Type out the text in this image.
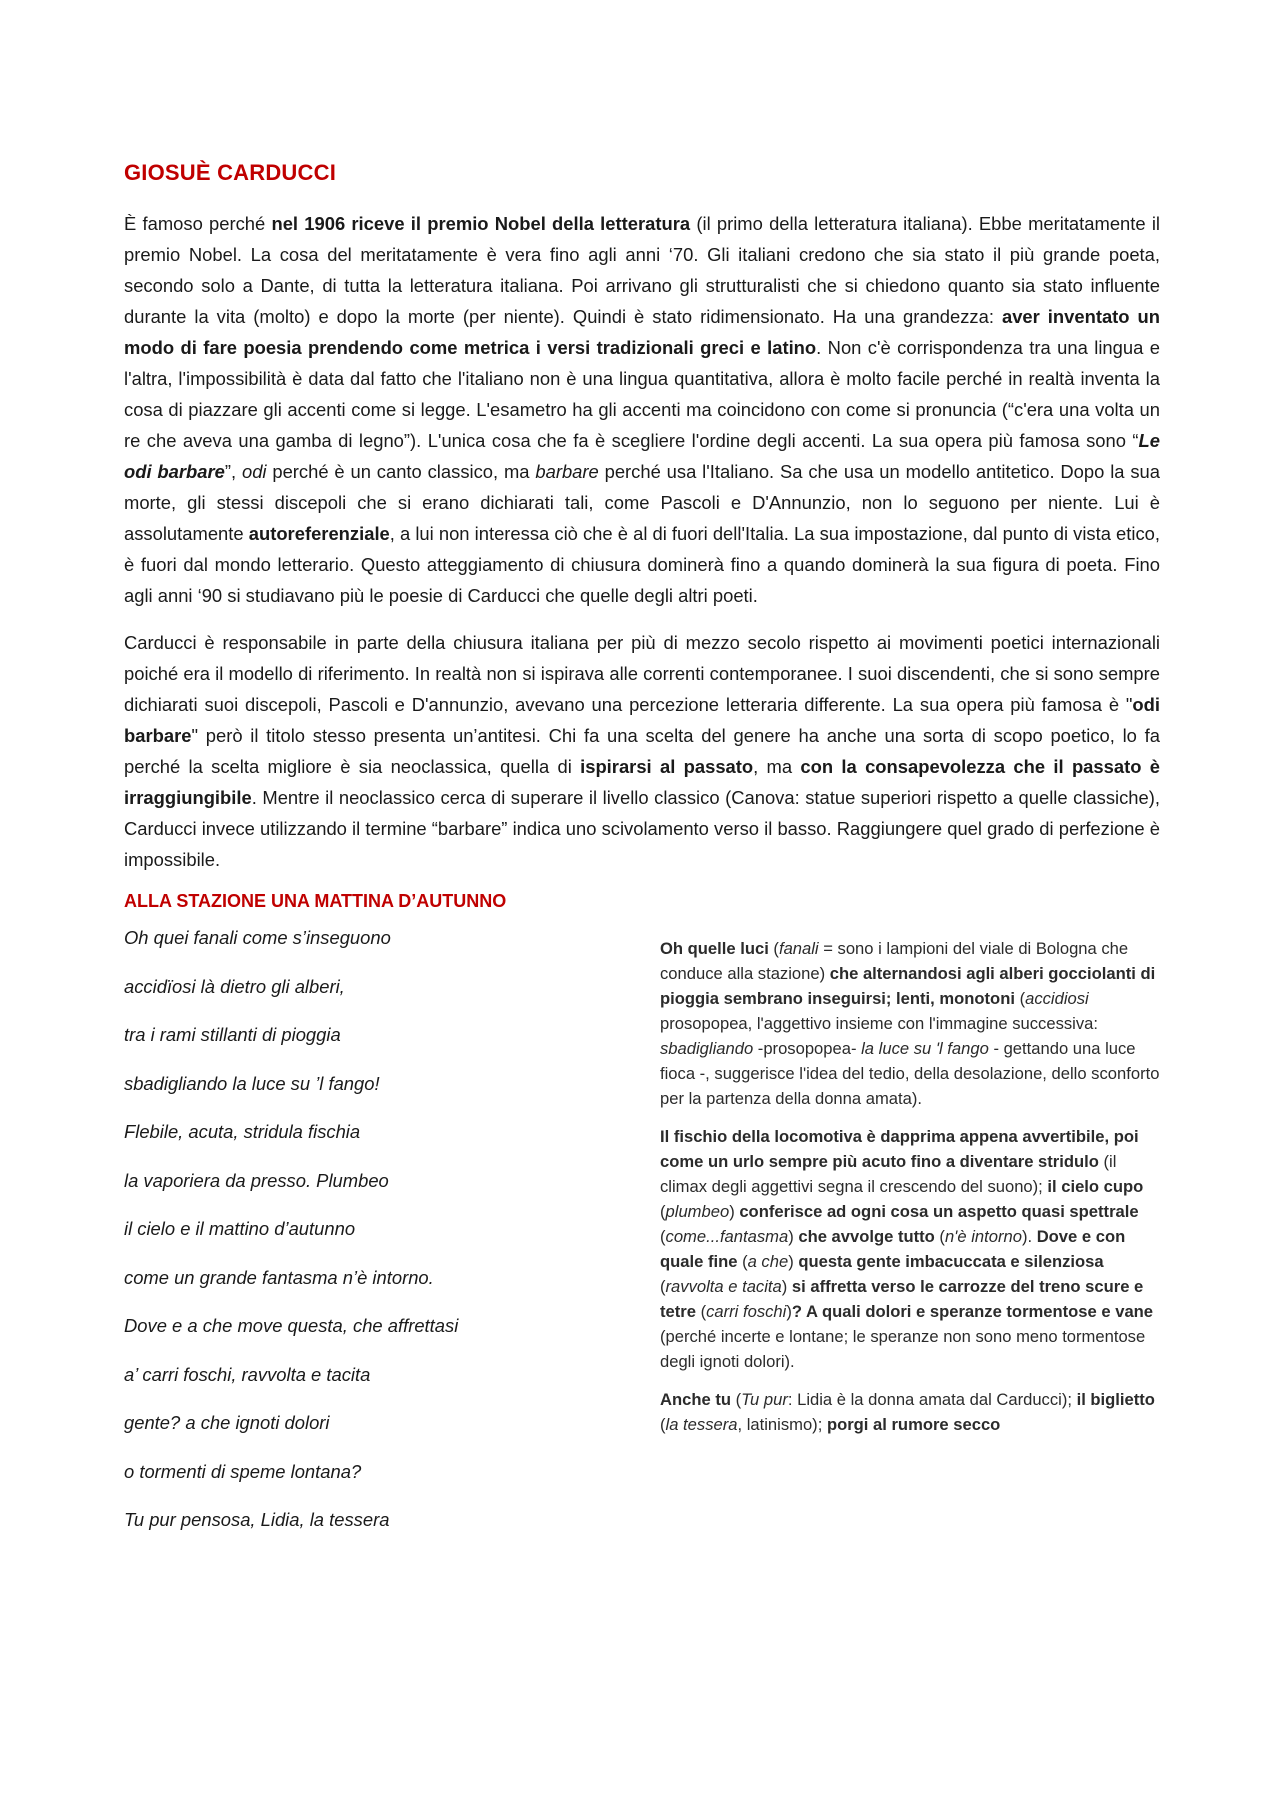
GIOSUÈ CARDUCCI

È famoso perché nel 1906 riceve il premio Nobel della letteratura (il primo della letteratura italiana). Ebbe meritatamente il premio Nobel. La cosa del meritatamente è vera fino agli anni ‘70. Gli italiani credono che sia stato il più grande poeta, secondo solo a Dante, di tutta la letteratura italiana. Poi arrivano gli strutturalisti che si chiedono quanto sia stato influente durante la vita (molto) e dopo la morte (per niente). Quindi è stato ridimensionato. Ha una grandezza: aver inventato un modo di fare poesia prendendo come metrica i versi tradizionali greci e latino. Non c'è corrispondenza tra una lingua e l'altra, l'impossibilità è data dal fatto che l'italiano non è una lingua quantitativa, allora è molto facile perché in realtà inventa la cosa di piazzare gli accenti come si legge. L'esametro ha gli accenti ma coincidono con come si pronuncia (“c'era una volta un re che aveva una gamba di legno”). L'unica cosa che fa è scegliere l'ordine degli accenti. La sua opera più famosa sono “Le odi barbare”, odi perché è un canto classico, ma barbare perché usa l'Italiano. Sa che usa un modello antitetico. Dopo la sua morte, gli stessi discepoli che si erano dichiarati tali, come Pascoli e D'Annunzio, non lo seguono per niente. Lui è assolutamente autoreferenziale, a lui non interessa ciò che è al di fuori dell'Italia. La sua impostazione, dal punto di vista etico, è fuori dal mondo letterario. Questo atteggiamento di chiusura dominerà fino a quando dominerà la sua figura di poeta. Fino agli anni ‘90 si studiavano più le poesie di Carducci che quelle degli altri poeti.

Carducci è responsabile in parte della chiusura italiana per più di mezzo secolo rispetto ai movimenti poetici internazionali poiché era il modello di riferimento. In realtà non si ispirava alle correnti contemporanee. I suoi discendenti, che si sono sempre dichiarati suoi discepoli, Pascoli e D'annunzio, avevano una percezione letteraria differente. La sua opera più famosa è "odi barbare" però il titolo stesso presenta un’antitesi. Chi fa una scelta del genere ha anche una sorta di scopo poetico, lo fa perché la scelta migliore è sia neoclassica, quella di ispirarsi al passato, ma con la consapevolezza che il passato è irraggiungibile. Mentre il neoclassico cerca di superare il livello classico (Canova: statue superiori rispetto a quelle classiche), Carducci invece utilizzando il termine “barbare” indica uno scivolamento verso il basso. Raggiungere quel grado di perfezione è impossibile.

ALLA STAZIONE UNA MATTINA D’AUTUNNO
Oh quei fanali come s’inseguono
accidïosi là dietro gli alberi,
tra i rami stillanti di pioggia
sbadigliando la luce su ’l fango!
Flebile, acuta, stridula fischia
la vaporiera da presso. Plumbeo
il cielo e il mattino d’autunno
come un grande fantasma n’è intorno.
Dove e a che move questa, che affrettasi
a’ carri foschi, ravvolta e tacita
gente? a che ignoti dolori
o tormenti di speme lontana?
Tu pur pensosa, Lidia, la tessera

Oh quelle luci (fanali = sono i lampioni del viale di Bologna che conduce alla stazione) che alternandosi agli alberi gocciolanti di pioggia sembrano inseguirsi; lenti, monotoni (accidiosi prosopopea, l'aggettivo insieme con l'immagine successiva: sbadigliando -prosopopea- la luce su 'l fango - gettando una luce fioca -, suggerisce l'idea del tedio, della desolazione, dello sconforto per la partenza della donna amata).

Il fischio della locomotiva è dapprima appena avvertibile, poi come un urlo sempre più acuto fino a diventare stridulo (il climax degli aggettivi segna il crescendo del suono); il cielo cupo (plumbeo) conferisce ad ogni cosa un aspetto quasi spettrale (come...fantasma) che avvolge tutto (n'è intorno). Dove e con quale fine (a che) questa gente imbacuccata e silenziosa (ravvolta e tacita) si affretta verso le carrozze del treno scure e tetre (carri foschi)? A quali dolori e speranze tormentose e vane (perché incerte e lontane; le speranze non sono meno tormentose degli ignoti dolori).

Anche tu (Tu pur: Lidia è la donna amata dal Carducci); il biglietto (la tessera, latinismo); porgi al rumore secco
